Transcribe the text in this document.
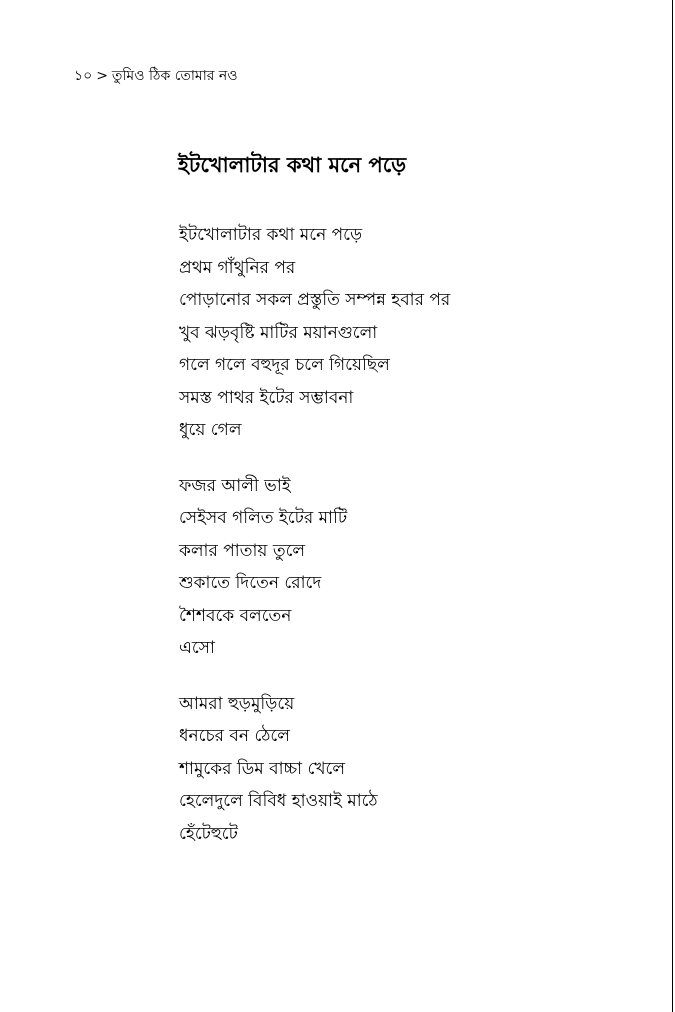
১০ > তুমিও ঠিক তোমার নও
ইটখোলাটার কথা মনে পড়ে
ইটখোলাটার কথা মনে পড়ে
প্রথম গাঁথুনির পর
পোড়ানোর সকল প্রস্তুতি সম্পন্ন হবার পর
খুব ঝড়বৃষ্টি মাটির ময়ানগুলো
গলে গলে বহুদূর চলে গিয়েছিল
সমস্ত পাথর ইটের সম্ভাবনা
ধুয়ে গেল
ফজর আলী ভাই
সেইসব গলিত ইটের মাটি
কলার পাতায় তুলে
শুকাতে দিতেন রোদে
শৈশবকে বলতেন
এসো
আমরা হুড়মুড়িয়ে
ধনচের বন ঠেলে
শামুকের ডিম বাচ্চা খেলে
হেলেদুলে বিবিধ হাওয়াই মাঠে
হেঁটেহুটে
